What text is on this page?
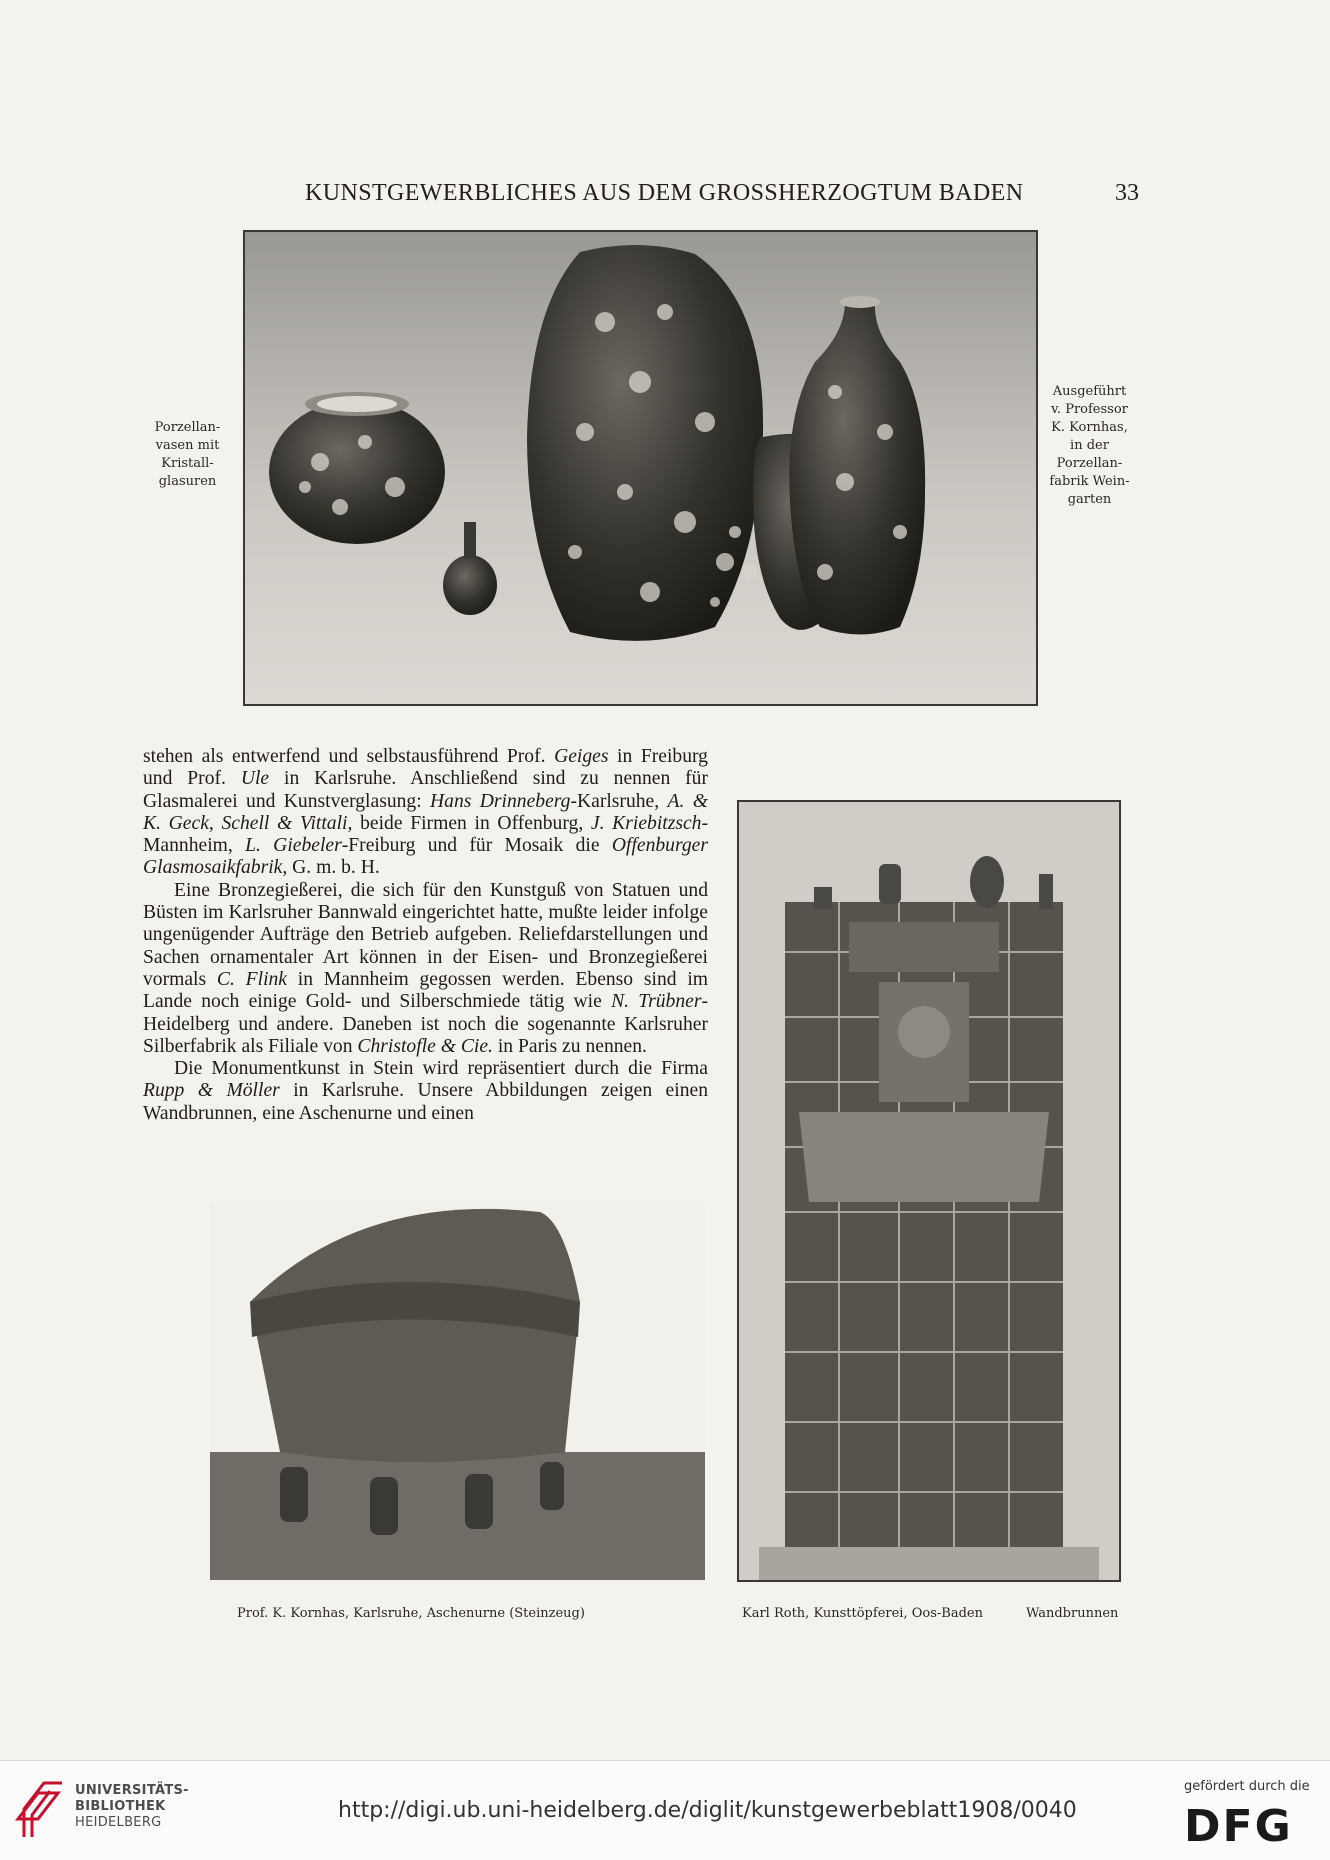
KUNSTGEWERBLICHES AUS DEM GROSSHERZOGTUM BADEN	33
Porzellan-
vasen mit
Kristall-
glasuren
Ausgeführt
v. Professor
K. Kornhas,
in der
Porzellan-
fabrik Wein-
garten

stehen als entwerfend und selbstausführend Prof. Geiges in Freiburg und Prof. Ule in Karlsruhe. Anschließend sind zu nennen für Glasmalerei und Kunstverglasung: Hans Drinneberg-Karlsruhe, A. & K. Geck, Schell & Vittali, beide Firmen in Offenburg, J. Kriebitzsch-Mannheim, L. Giebeler-Freiburg und für Mosaik die Offenburger Glasmosaikfabrik, G. m. b. H.

Eine Bronzegießerei, die sich für den Kunstguß von Statuen und Büsten im Karlsruher Bannwald eingerichtet hatte, mußte leider infolge ungenügender Aufträge den Betrieb aufgeben. Reliefdarstellungen und Sachen ornamentaler Art können in der Eisen- und Bronzegießerei vormals C. Flink in Mannheim gegossen werden. Ebenso sind im Lande noch einige Gold- und Silberschmiede tätig wie N. Trübner-Heidelberg und andere. Daneben ist noch die sogenannte Karlsruher Silberfabrik als Filiale von Christofle & Cie. in Paris zu nennen.

Die Monumentkunst in Stein wird repräsentiert durch die Firma Rupp & Möller in Karlsruhe. Unsere Abbildungen zeigen einen Wandbrunnen, eine Aschenurne und einen

Prof. K. Kornhas, Karlsruhe, Aschenurne (Steinzeug)	Karl Roth, Kunsttöpferei, Oos-Baden	Wandbrunnen
UNIVERSITÄTS-
BIBLIOTHEK
HEIDELBERG	http://digi.ub.uni-heidelberg.de/diglit/kunstgewerbeblatt1908/0040
gefördert durch die
DFG
